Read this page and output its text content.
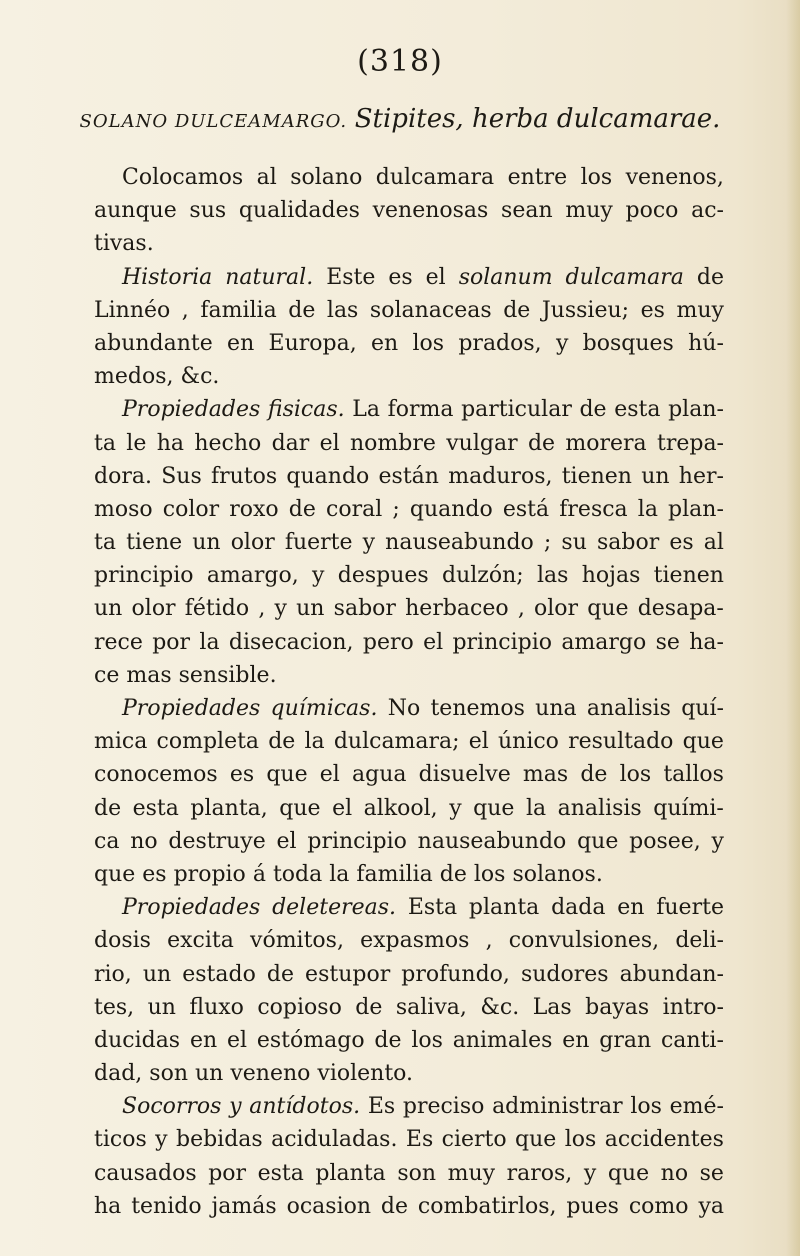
(318)
SOLANO DULCEAMARGO. Stipites, herba dulcamarae.
Colocamos al solano dulcamara entre los venenos,
aunque sus qualidades venenosas sean muy poco ac-
tivas.
Historia natural. Este es el solanum dulcamara de
Linnéo , familia de las solanaceas de Jussieu; es muy
abundante en Europa, en los prados, y bosques hú-
medos, &c.
Propiedades fisicas. La forma particular de esta plan-
ta le ha hecho dar el nombre vulgar de morera trepa-
dora. Sus frutos quando están maduros, tienen un her-
moso color roxo de coral ; quando está fresca la plan-
ta tiene un olor fuerte y nauseabundo ; su sabor es al
principio amargo, y despues dulzón; las hojas tienen
un olor fétido , y un sabor herbaceo , olor que desapa-
rece por la disecacion, pero el principio amargo se ha-
ce mas sensible.
Propiedades químicas. No tenemos una analisis quí-
mica completa de la dulcamara; el único resultado que
conocemos es que el agua disuelve mas de los tallos
de esta planta, que el alkool, y que la analisis quími-
ca no destruye el principio nauseabundo que posee, y
que es propio á toda la familia de los solanos.
Propiedades deletereas. Esta planta dada en fuerte
dosis excita vómitos, expasmos , convulsiones, deli-
rio, un estado de estupor profundo, sudores abundan-
tes, un fluxo copioso de saliva, &c. Las bayas intro-
ducidas en el estómago de los animales en gran canti-
dad, son un veneno violento.
Socorros y antídotos. Es preciso administrar los emé-
ticos y bebidas aciduladas. Es cierto que los accidentes
causados por esta planta son muy raros, y que no se
ha tenido jamás ocasion de combatirlos, pues como ya
